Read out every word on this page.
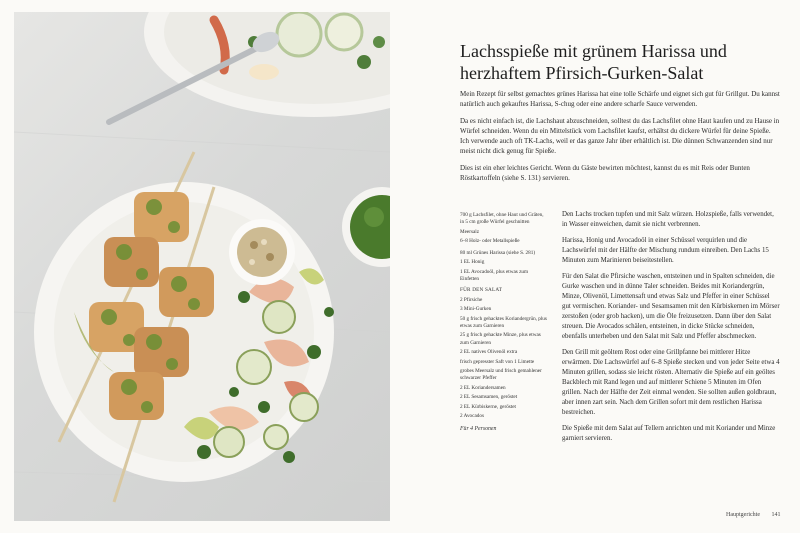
Lachsspieße mit grünem Harissa und herzhaftem Pfirsich-Gurken-Salat

Mein Rezept für selbst gemachtes grünes Harissa hat eine tolle Schärfe und eignet sich gut für Grillgut. Du kannst natürlich auch gekauftes Harissa, S-chug oder eine andere scharfe Sauce verwenden.

Da es nicht einfach ist, die Lachshaut abzuschneiden, solltest du das Lachsfilet ohne Haut kaufen und zu Hause in Würfel schneiden. Wenn du ein Mittelstück vom Lachsfilet kaufst, erhältst du dickere Würfel für deine Spieße. Ich verwende auch oft TK-Lachs, weil er das ganze Jahr über erhältlich ist. Die dünnen Schwanzenden sind nur meist nicht dick genug für Spieße.

Dies ist ein eher leichtes Gericht. Wenn du Gäste bewirten möchtest, kannst du es mit Reis oder Bunten Röstkartoffeln (siehe S. 131) servieren.

700 g Lachsfilet, ohne Haut und Gräten, in 5 cm große Würfel geschnitten
Meersalz
6–8 Holz- oder Metallspieße
80 ml Grünes Harissa (siehe S. 281)
1 EL Honig
1 EL Avocadoöl, plus etwas zum Einfetten
FÜR DEN SALAT
2 Pfirsiche
3 Mini-Gurken
50 g frisch gehacktes Koriandergrün, plus etwas zum Garnieren
25 g frisch gehackte Minze, plus etwas zum Garnieren
2 EL natives Olivenöl extra
frisch gepresster Saft von 1 Limette
grobes Meersalz und frisch gemahlener schwarzer Pfeffer
2 EL Koriandersamen
2 EL Sesamsamen, geröstet
2 EL Kürbiskerne, geröstet
2 Avocados
Für 4 Personen

Den Lachs trocken tupfen und mit Salz würzen. Holzspieße, falls verwendet, in Wasser einweichen, damit sie nicht verbrennen.

Harissa, Honig und Avocadoöl in einer Schüssel verquirlen und die Lachswürfel mit der Hälfte der Mischung rundum einreiben. Den Lachs 15 Minuten zum Marinieren beiseitestellen.

Für den Salat die Pfirsiche waschen, entsteinen und in Spalten schneiden, die Gurke waschen und in dünne Taler schneiden. Beides mit Koriandergrün, Minze, Olivenöl, Limettensaft und etwas Salz und Pfeffer in einer Schüssel gut vermischen. Koriander- und Sesamsamen mit den Kürbiskernen im Mörser zerstoßen (oder grob hacken), um die Öle freizusetzen. Dann über den Salat streuen. Die Avocados schälen, entsteinen, in dicke Stücke schneiden, ebenfalls unterheben und den Salat mit Salz und Pfeffer abschmecken.

Den Grill mit geöltem Rost oder eine Grillpfanne bei mittlerer Hitze erwärmen. Die Lachswürfel auf 6–8 Spieße stecken und von jeder Seite etwa 4 Minuten grillen, sodass sie leicht rösten. Alternativ die Spieße auf ein geöltes Backblech mit Rand legen und auf mittlerer Schiene 5 Minuten im Ofen grillen. Nach der Hälfte der Zeit einmal wenden. Sie sollten außen goldbraun, aber innen zart sein. Nach dem Grillen sofort mit dem restlichen Harissa bestreichen.

Die Spieße mit dem Salat auf Tellern anrichten und mit Koriander und Minze garniert servieren.

Hauptgerichte 141
